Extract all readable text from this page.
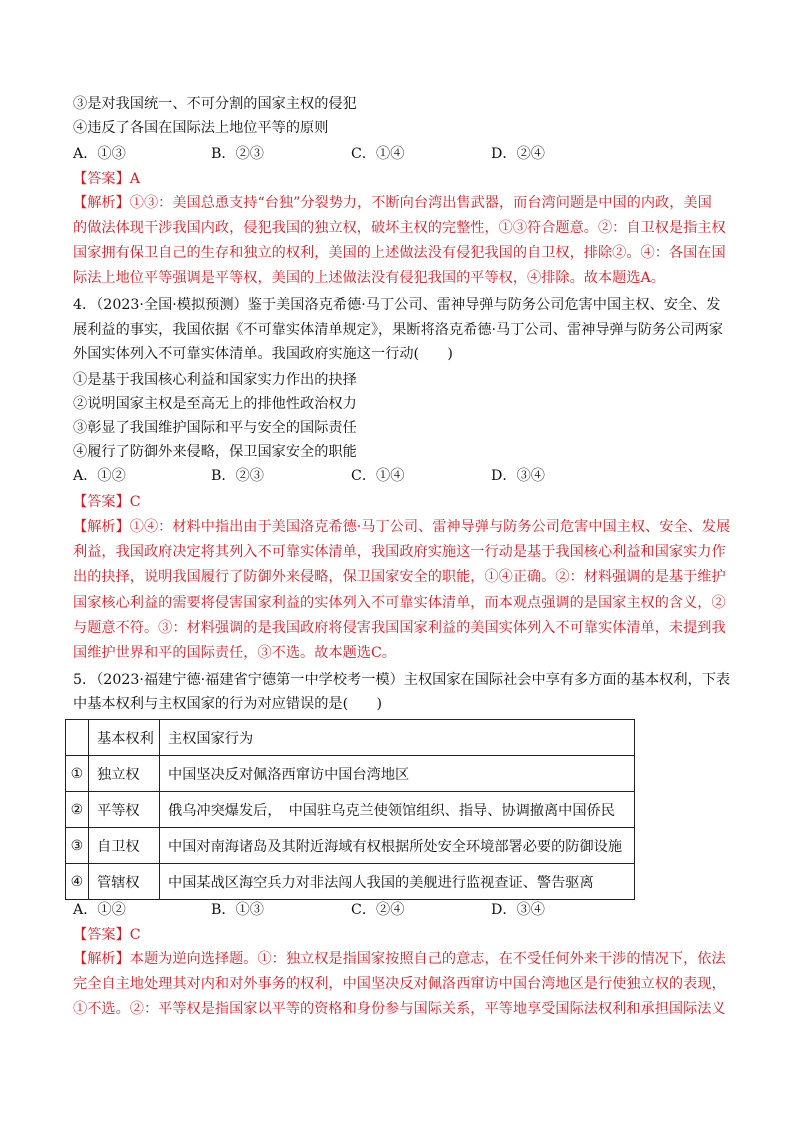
③是对我国统一、不可分割的国家主权的侵犯
④违反了各国在国际法上地位平等的原则
A．①③	B．②③	C．①④	D．②④
【答案】A
【解析】①③：美国总恿支持“台独”分裂势力，不断向台湾出售武器，而台湾问题是中国的内政，美国
的做法体现干涉我国内政，侵犯我国的独立权，破坏主权的完整性，①③符合题意。②：自卫权是指主权
国家拥有保卫自己的生存和独立的权利，美国的上述做法没有侵犯我国的自卫权，排除②。④：各国在国
际法上地位平等强调是平等权，美国的上述做法没有侵犯我国的平等权，④排除。故本题选A。
4．（2023·全国·模拟预测）鉴于美国洛克希德·马丁公司、雷神导弹与防务公司危害中国主权、安全、发
展利益的事实，我国依据《不可靠实体清单规定》，果断将洛克希德·马丁公司、雷神导弹与防务公司两家
外国实体列入不可靠实体清单。我国政府实施这一行动(　　)
①是基于我国核心利益和国家实力作出的抉择
②说明国家主权是至高无上的排他性政治权力
③彰显了我国维护国际和平与安全的国际责任
④履行了防御外来侵略，保卫国家安全的职能
A．①②	B．②③	C．①④	D．③④
【答案】C
【解析】①④：材料中指出由于美国洛克希德·马丁公司、雷神导弹与防务公司危害中国主权、安全、发展
利益，我国政府决定将其列入不可靠实体清单，我国政府实施这一行动是基于我国核心利益和国家实力作
出的抉择，说明我国履行了防御外来侵略，保卫国家安全的职能，①④正确。②：材料强调的是基于维护
国家核心利益的需要将侵害国家利益的实体列入不可靠实体清单，而本观点强调的是国家主权的含义，②
与题意不符。③：材料强调的是我国政府将侵害我国国家利益的美国实体列入不可靠实体清单，未提到我
国维护世界和平的国际责任，③不选。故本题选C。
5．（2023·福建宁德·福建省宁德第一中学校考一模）主权国家在国际社会中享有多方面的基本权利，下表
中基本权利与主权国家的行为对应错误的是(　　)
	基本权利	主权国家行为
①	独立权	中国坚决反对佩洛西窜访中国台湾地区
②	平等权	俄乌冲突爆发后，　中国驻乌克兰使领馆组织、指导、协调撤离中国侨民
③	自卫权	中国对南海诸岛及其附近海域有权根据所处安全环境部署必要的防御设施
④	管辖权	中国某战区海空兵力对非法闯人我国的美舰进行监视查证、警告驱离
A．①②	B．①③	C．②④	D．③④
【答案】C
【解析】本题为逆向选择题。①：独立权是指国家按照自己的意志，在不受任何外来干涉的情况下，依法
完全自主地处理其对内和对外事务的权利，中国坚决反对佩洛西窜访中国台湾地区是行使独立权的表现，
①不选。②：平等权是指国家以平等的资格和身份参与国际关系，平等地享受国际法权利和承担国际法义
